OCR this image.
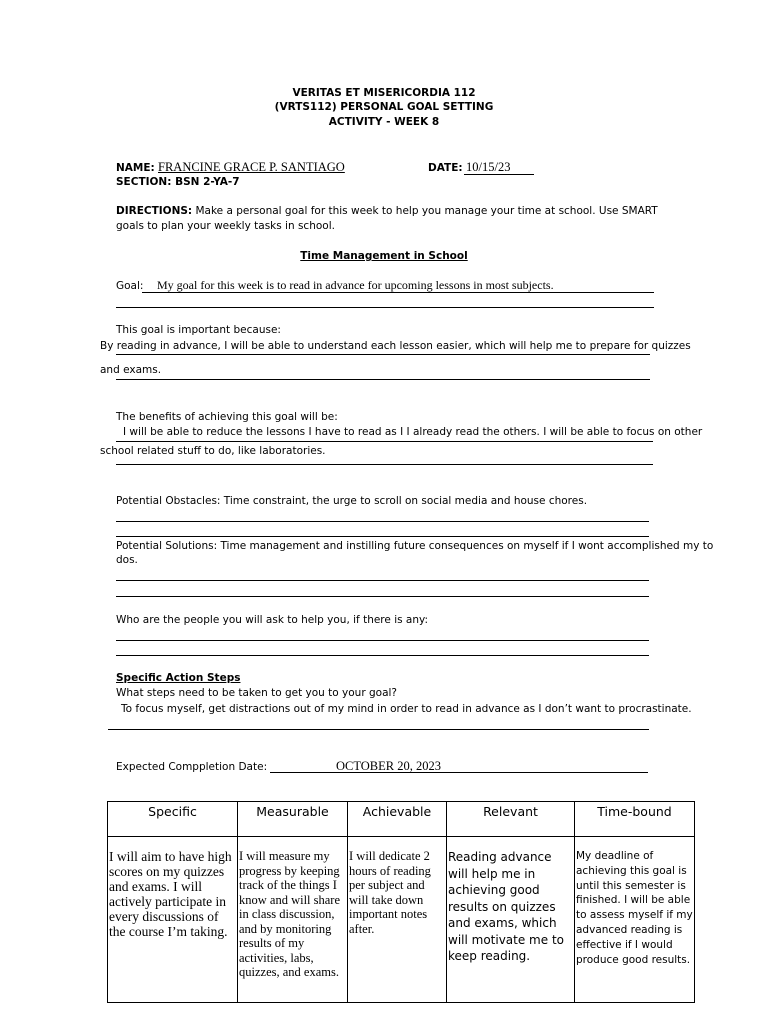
VERITAS ET MISERICORDIA 112
(VRTS112) PERSONAL GOAL SETTING
ACTIVITY - WEEK 8
NAME: FRANCINE GRACE P. SANTIAGO	DATE: 10/15/23
SECTION: BSN 2-YA-7
DIRECTIONS: Make a personal goal for this week to help you manage your time at school. Use SMART
goals to plan your weekly tasks in school.
Time Management in School
Goal: My goal for this week is to read in advance for upcoming lessons in most subjects.
This goal is important because:
By reading in advance, I will be able to understand each lesson easier, which will help me to prepare for quizzes
and exams.
The benefits of achieving this goal will be:
I will be able to reduce the lessons I have to read as I I already read the others. I will be able to focus on other
school related stuff to do, like laboratories.
Potential Obstacles: Time constraint, the urge to scroll on social media and house chores.
Potential Solutions: Time management and instilling future consequences on myself if I wont accomplished my to
dos.
Who are the people you will ask to help you, if there is any:
Specific Action Steps
What steps need to be taken to get you to your goal?
To focus myself, get distractions out of my mind in order to read in advance as I don’t want to procrastinate.
Expected Comppletion Date:	OCTOBER 20, 2023
Specific	Measurable	Achievable	Relevant	Time-bound
I will aim to have high scores on my quizzes and exams. I will actively participate in every discussions of the course I’m taking.	I will measure my progress by keeping track of the things I know and will share in class discussion, and by monitoring results of my activities, labs, quizzes, and exams.	I will dedicate 2 hours of reading per subject and will take down important notes after.	Reading advance will help me in achieving good results on quizzes and exams, which will motivate me to keep reading.	My deadline of achieving this goal is until this semester is finished. I will be able to assess myself if my advanced reading is effective if I would produce good results.
